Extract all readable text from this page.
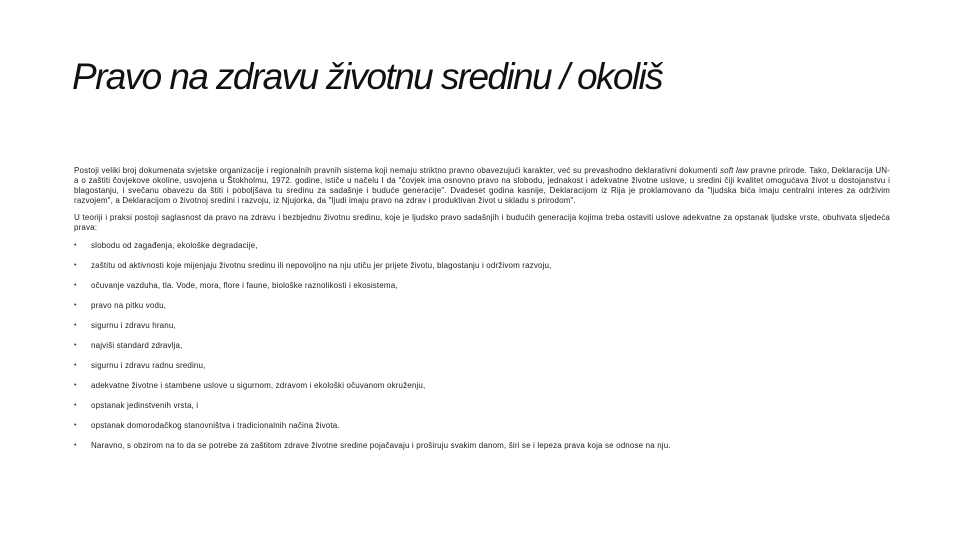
Pravo na zdravu životnu sredinu / okoliš

Postoji veliki broj dokumenata svjetske organizacije i regionalnih pravnih sistema koji nemaju striktno pravno obavezujući karakter, već su prevashodno deklarativni dokumenti soft law pravne prirode. Tako, Deklaracija UN-a o zaštiti čovjekove okoline, usvojena u Štokholmu, 1972. godine, ističe u načelu I da "čovjek ima osnovno pravo na slobodu, jednakost i adekvatne životne uslove, u sredini čiji kvalitet omogućava život u dostojanstvu i blagostanju, i svečanu obavezu da štiti i poboljšava tu sredinu za sadašnje i buduće generacije". Dvadeset godina kasnije, Deklaracijom iz Rija je proklamovano da "ljudska bića imaju centralni interes za održivim razvojem", a Deklaracijom o životnoj sredini i razvoju, iz Njujorka, da "ljudi imaju pravo na zdrav i produktivan život u skladu s prirodom".

U teoriji i praksi postoji saglasnost da pravo na zdravu i bezbjednu životnu sredinu, koje je ljudsko pravo sadašnjih i budućih generacija kojima treba ostaviti uslove adekvatne za opstanak ljudske vrste, obuhvata sljedeća prava:

•	slobodu od zagađenja, ekološke degradacije,
•	zaštitu od aktivnosti koje mijenjaju životnu sredinu ili nepovoljno na nju utiču jer prijete životu, blagostanju i održivom razvoju,
•	očuvanje vazduha, tla. Vode, mora, flore i faune, biološke raznolikosti i ekosistema,
•	pravo na pitku vodu,
•	sigurnu i zdravu hranu,
•	najviši standard zdravlja,
•	sigurnu i zdravu radnu sredinu,
•	adekvatne životne i stambene uslove u sigurnom, zdravom i ekološki očuvanom okruženju,
•	opstanak jedinstvenih vrsta, i
•	opstanak domorodačkog stanovništva i tradicionalnih načina života.
•	Naravno, s obzirom na to da se potrebe za zaštitom zdrave životne sredine pojačavaju i proširuju svakim danom, širi se i lepeza prava koja se odnose na nju.
